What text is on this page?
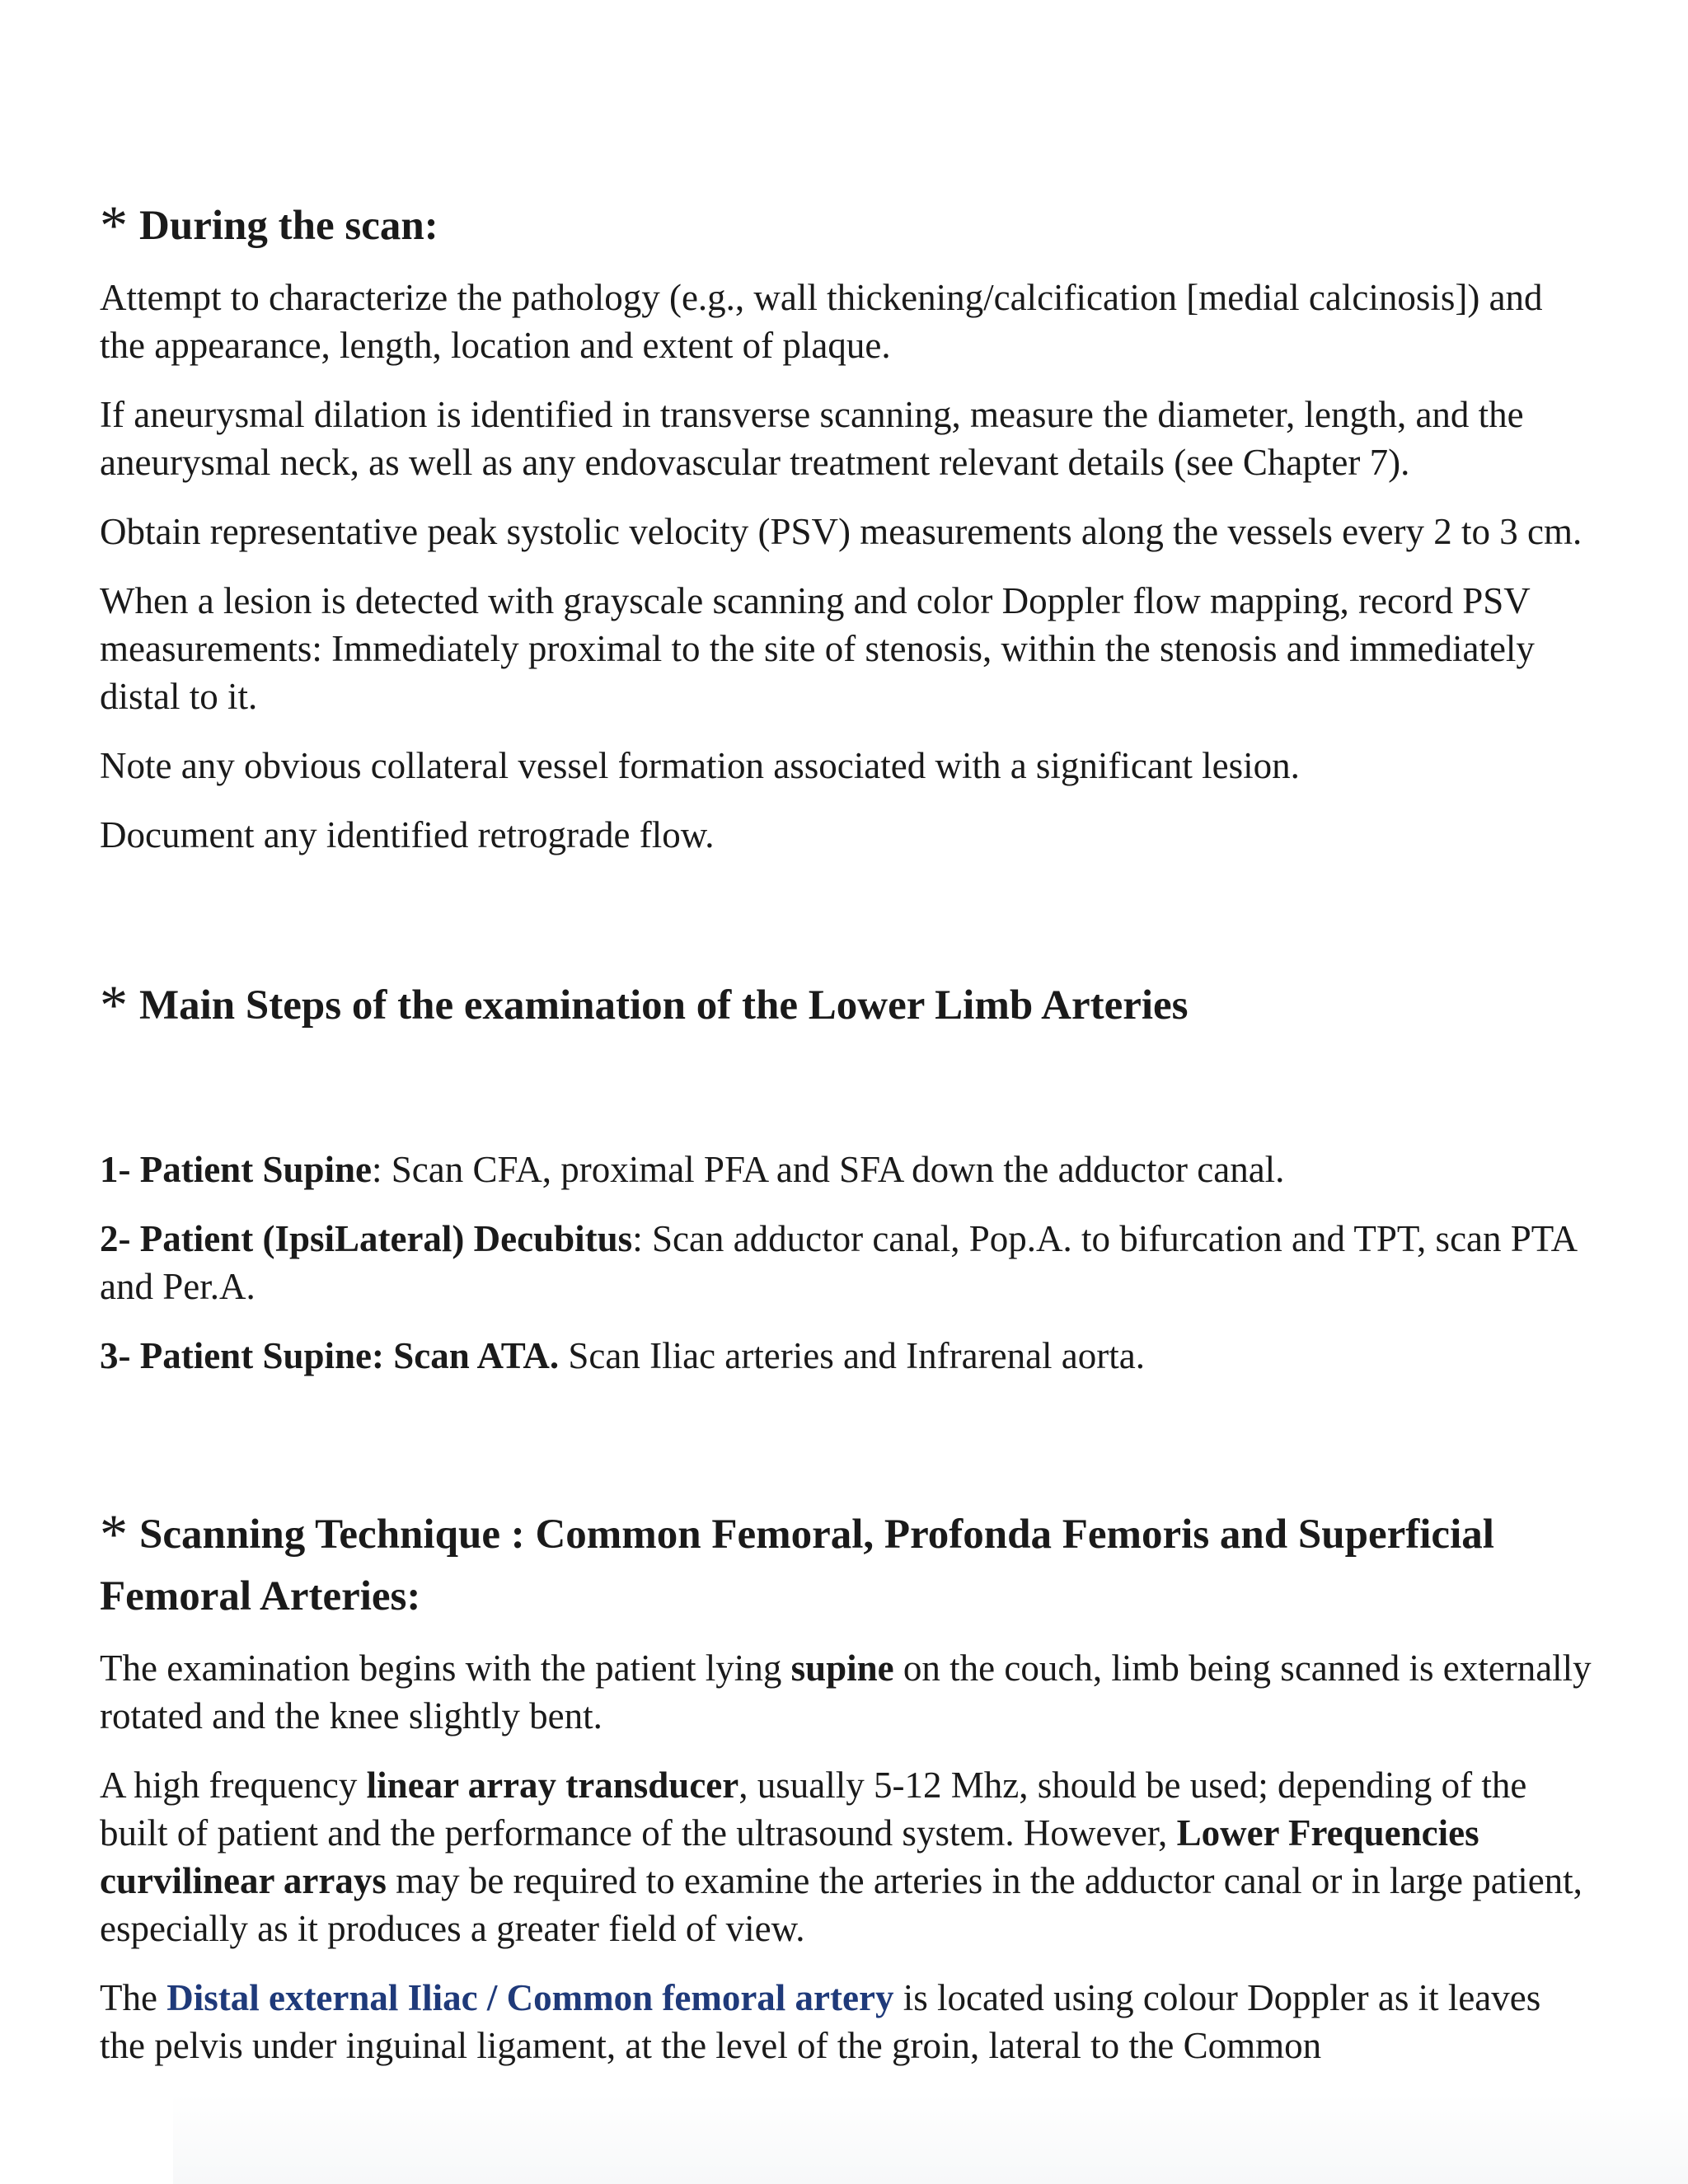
* During the scan:

Attempt to characterize the pathology (e.g., wall thickening/calcification [medial calcinosis]) and the appearance, length, location and extent of plaque.

If aneurysmal dilation is identified in transverse scanning, measure the diameter, length, and the aneurysmal neck, as well as any endovascular treatment relevant details (see Chapter 7).

Obtain representative peak systolic velocity (PSV) measurements along the vessels every 2 to 3 cm.

When a lesion is detected with grayscale scanning and color Doppler flow mapping, record PSV measurements: Immediately proximal to the site of stenosis, within the stenosis and immediately distal to it.

Note any obvious collateral vessel formation associated with a significant lesion.

Document any identified retrograde flow.

* Main Steps of the examination of the Lower Limb Arteries

1- Patient Supine: Scan CFA, proximal PFA and SFA down the adductor canal.

2- Patient (IpsiLateral) Decubitus: Scan adductor canal, Pop.A. to bifurcation and TPT, scan PTA and Per.A.

3- Patient Supine: Scan ATA. Scan Iliac arteries and Infrarenal aorta.

* Scanning Technique : Common Femoral, Profonda Femoris and Superficial Femoral Arteries:

The examination begins with the patient lying supine on the couch, limb being scanned is externally rotated and the knee slightly bent.

A high frequency linear array transducer, usually 5-12 Mhz, should be used; depending of the built of patient and the performance of the ultrasound system. However, Lower Frequencies curvilinear arrays may be required to examine the arteries in the adductor canal or in large patient, especially as it produces a greater field of view.

The Distal external Iliac / Common femoral artery is located using colour Doppler as it leaves the pelvis under inguinal ligament, at the level of the groin, lateral to the Common
